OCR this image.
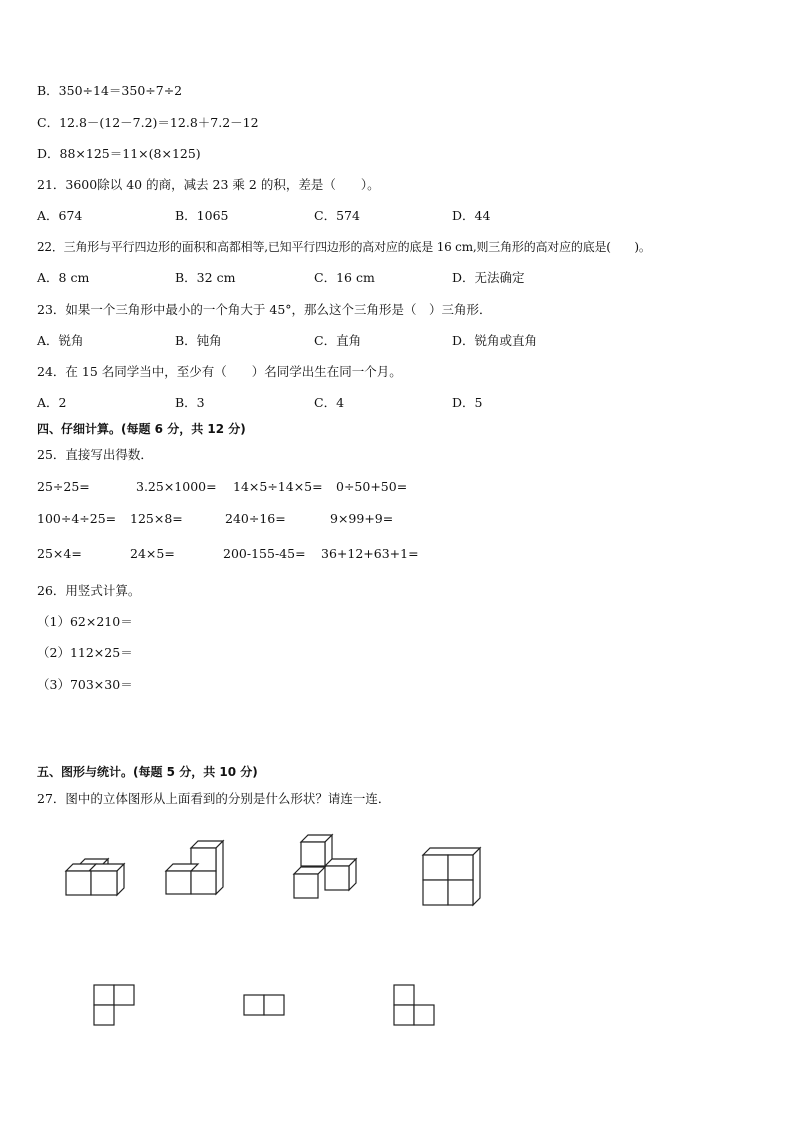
B．350÷14＝350÷7÷2
C．12.8－(12－7.2)＝12.8＋7.2－12
D．88×125＝11×(8×125)
21．3600除以 40 的商，减去 23 乘 2 的积，差是（　　）。
A．674	B．1065	C．574	D．44
22．三角形与平行四边形的面积和高都相等,已知平行四边形的高对应的底是 16 cm,则三角形的高对应的底是(　　)。
A．8 cm	B．32 cm	C．16 cm	D．无法确定
23．如果一个三角形中最小的一个角大于 45°，那么这个三角形是（　）三角形．
A．锐角	B．钝角	C．直角	D．锐角或直角
24．在 15 名同学当中，至少有（　　）名同学出生在同一个月。
A．2	B．3	C．4	D．5
四、仔细计算。(每题 6 分，共 12 分)
25．直接写出得数．
25÷25=	3.25×1000= 14×5÷14×5= 0÷50+50=
100÷4÷25= 125×8=	240÷16=	9×99+9=
25×4=	24×5=	200-155-45= 36+12+63+1=
26．用竖式计算。
（1）62×210＝
（2）112×25＝
（3）703×30＝
五、图形与统计。(每题 5 分，共 10 分)
27．图中的立体图形从上面看到的分别是什么形状？请连一连．
